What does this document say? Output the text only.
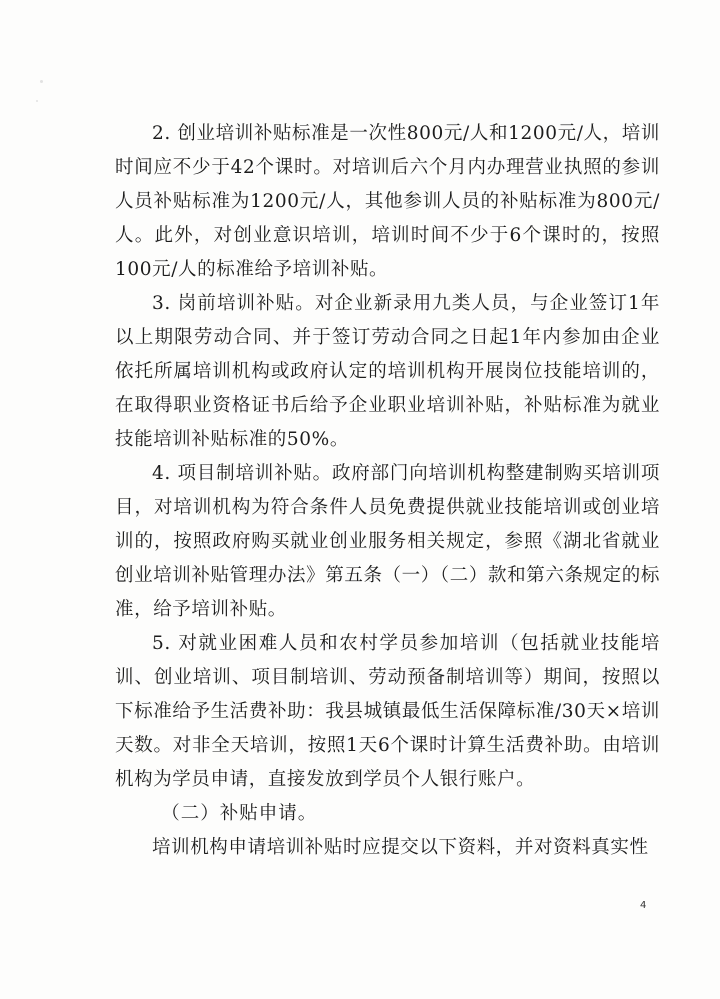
2. 创业培训补贴标准是一次性800元/人和1200元/人，培训时间应不少于42个课时。对培训后六个月内办理营业执照的参训人员补贴标准为1200元/人，其他参训人员的补贴标准为800元/人。此外，对创业意识培训，培训时间不少于6个课时的，按照100元/人的标准给予培训补贴。

3. 岗前培训补贴。对企业新录用九类人员，与企业签订1年以上期限劳动合同、并于签订劳动合同之日起1年内参加由企业依托所属培训机构或政府认定的培训机构开展岗位技能培训的，在取得职业资格证书后给予企业职业培训补贴，补贴标准为就业技能培训补贴标准的50%。

4. 项目制培训补贴。政府部门向培训机构整建制购买培训项目，对培训机构为符合条件人员免费提供就业技能培训或创业培训的，按照政府购买就业创业服务相关规定，参照《湖北省就业创业培训补贴管理办法》第五条（一）（二）款和第六条规定的标准，给予培训补贴。

5. 对就业困难人员和农村学员参加培训（包括就业技能培训、创业培训、项目制培训、劳动预备制培训等）期间，按照以下标准给予生活费补助：我县城镇最低生活保障标准/30天×培训天数。对非全天培训，按照1天6个课时计算生活费补助。由培训机构为学员申请，直接发放到学员个人银行账户。

（二）补贴申请。

培训机构申请培训补贴时应提交以下资料，并对资料真实性

4
